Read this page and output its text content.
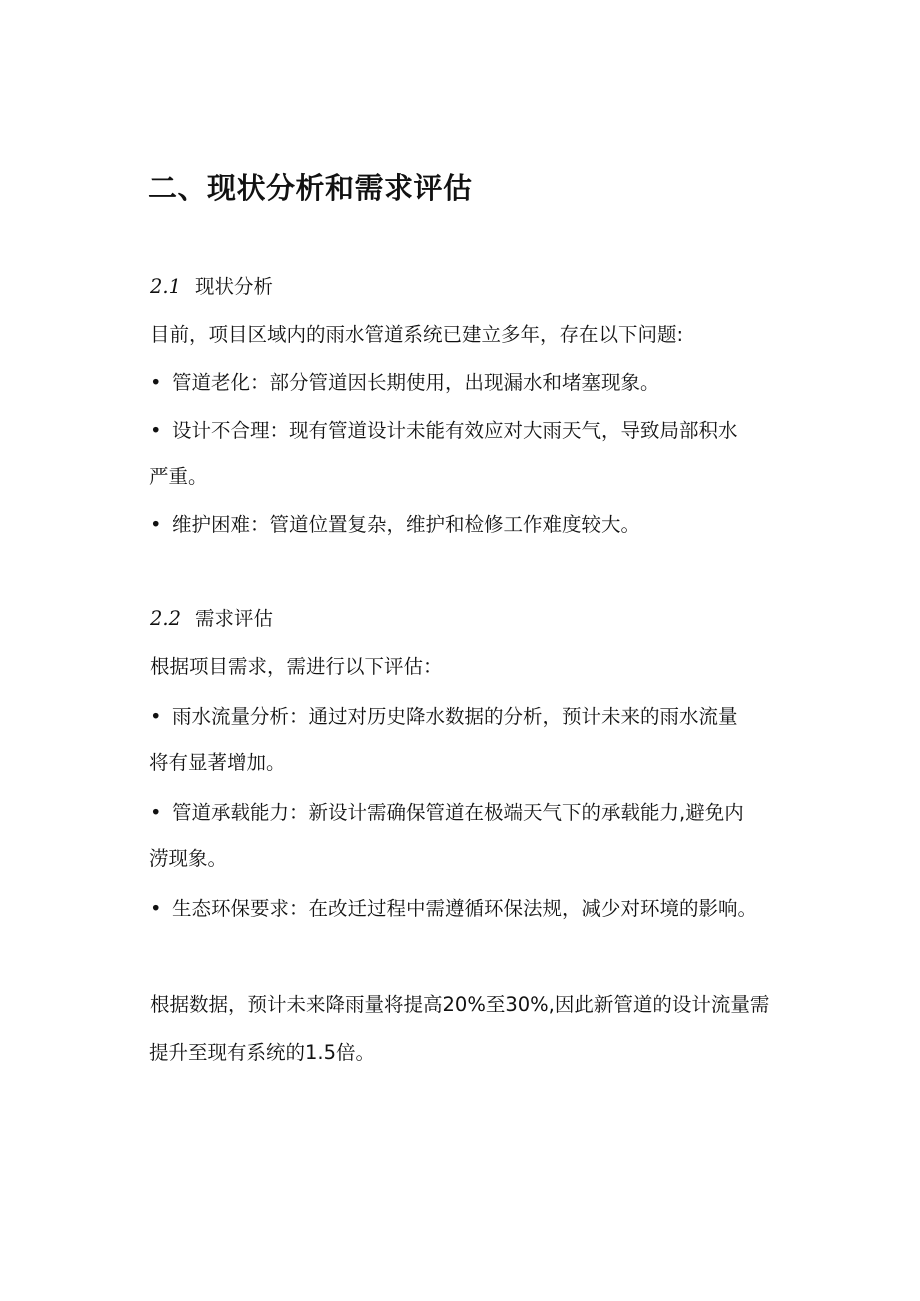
二、现状分析和需求评估

2.1 现状分析

目前，项目区域内的雨水管道系统已建立多年，存在以下问题:

• 管道老化：部分管道因长期使用，出现漏水和堵塞现象。

• 设计不合理：现有管道设计未能有效应对大雨天气，导致局部积水

严重。

• 维护困难：管道位置复杂，维护和检修工作难度较大。

2.2 需求评估

根据项目需求，需进行以下评估：

• 雨水流量分析：通过对历史降水数据的分析，预计未来的雨水流量

将有显著增加。

• 管道承载能力：新设计需确保管道在极端天气下的承载能力,避免内

涝现象。

• 生态环保要求：在改迁过程中需遵循环保法规，减少对环境的影响。

根据数据，预计未来降雨量将提高20%至30%,因此新管道的设计流量需

提升至现有系统的1.5倍。
